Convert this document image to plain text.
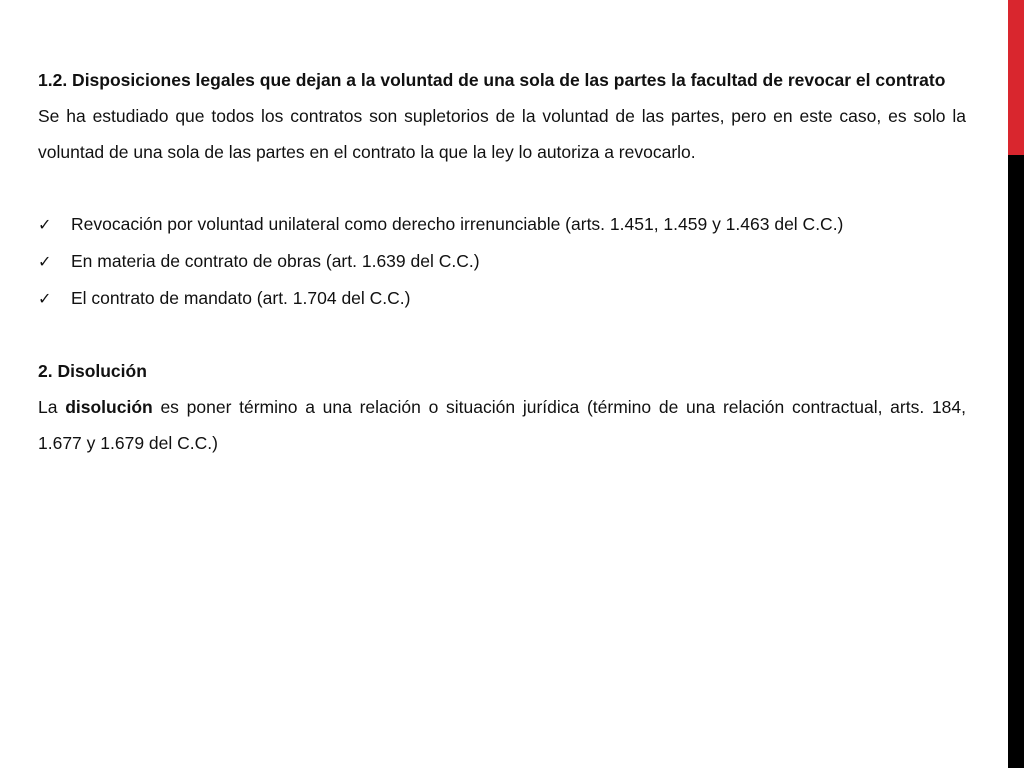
1.2. Disposiciones legales que dejan a la voluntad de una sola de las partes la facultad de revocar el contrato

Se ha estudiado que todos los contratos son supletorios de la voluntad de las partes, pero en este caso, es solo la voluntad de una sola de las partes en el contrato la que la ley lo autoriza a revocarlo.

✓	Revocación por voluntad unilateral como derecho irrenunciable (arts. 1.451, 1.459 y 1.463 del C.C.)
✓	En materia de contrato de obras (art. 1.639 del C.C.)
✓	El contrato de mandato (art. 1.704 del C.C.)

2. Disolución

La disolución es poner término a una relación o situación jurídica (término de una relación contractual, arts. 184, 1.677 y 1.679 del C.C.)
